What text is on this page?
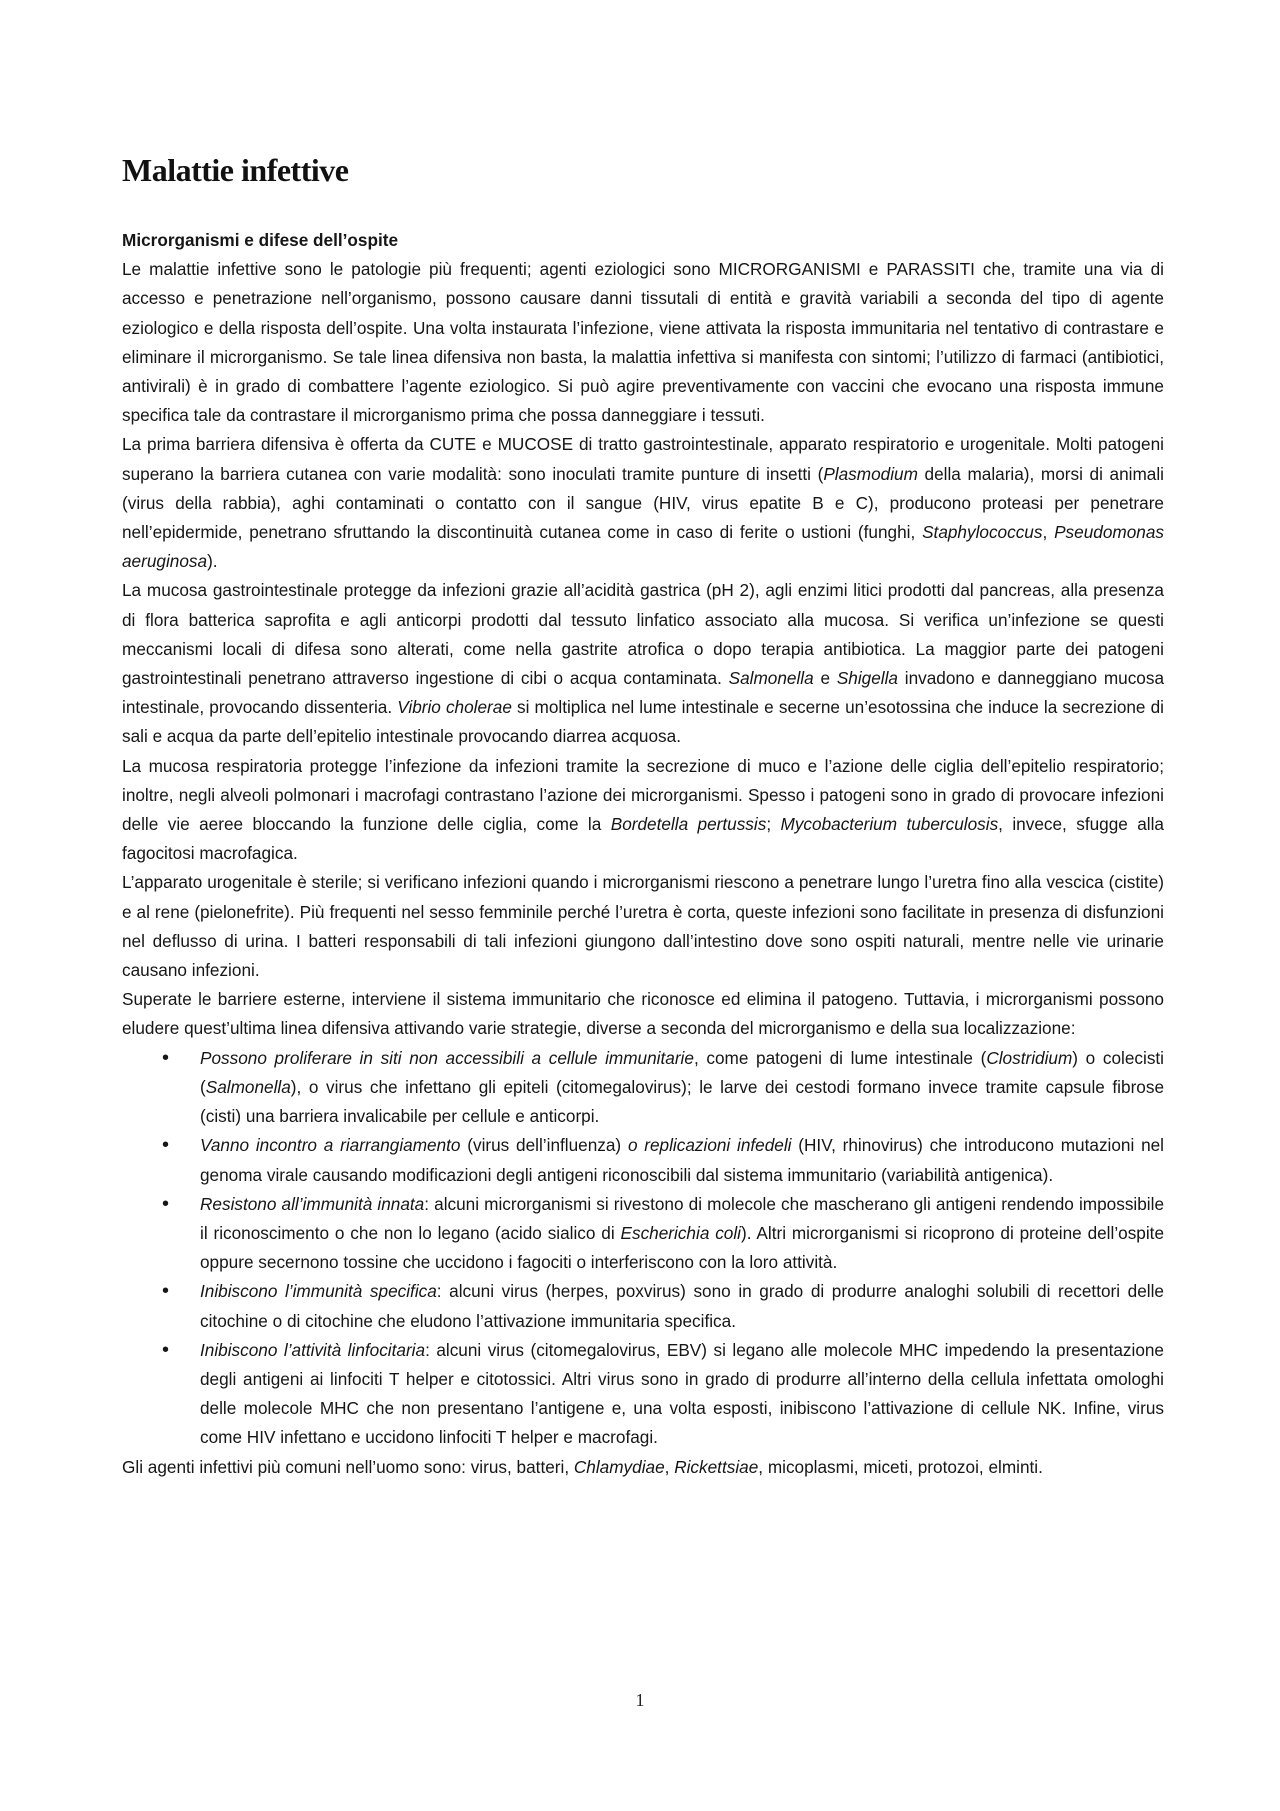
Malattie infettive
Microrganismi e difese dell’ospite

Le malattie infettive sono le patologie più frequenti; agenti eziologici sono MICRORGANISMI e PARASSITI che, tramite una via di accesso e penetrazione nell’organismo, possono causare danni tissutali di entità e gravità variabili a seconda del tipo di agente eziologico e della risposta dell’ospite. Una volta instaurata l’infezione, viene attivata la risposta immunitaria nel tentativo di contrastare e eliminare il microrganismo. Se tale linea difensiva non basta, la malattia infettiva si manifesta con sintomi; l’utilizzo di farmaci (antibiotici, antivirali) è in grado di combattere l’agente eziologico. Si può agire preventivamente con vaccini che evocano una risposta immune specifica tale da contrastare il microrganismo prima che possa danneggiare i tessuti.

La prima barriera difensiva è offerta da CUTE e MUCOSE di tratto gastrointestinale, apparato respiratorio e urogenitale. Molti patogeni superano la barriera cutanea con varie modalità: sono inoculati tramite punture di insetti (Plasmodium della malaria), morsi di animali (virus della rabbia), aghi contaminati o contatto con il sangue (HIV, virus epatite B e C), producono proteasi per penetrare nell’epidermide, penetrano sfruttando la discontinuità cutanea come in caso di ferite o ustioni (funghi, Staphylococcus, Pseudomonas aeruginosa).

La mucosa gastrointestinale protegge da infezioni grazie all’acidità gastrica (pH 2), agli enzimi litici prodotti dal pancreas, alla presenza di flora batterica saprofita e agli anticorpi prodotti dal tessuto linfatico associato alla mucosa. Si verifica un’infezione se questi meccanismi locali di difesa sono alterati, come nella gastrite atrofica o dopo terapia antibiotica. La maggior parte dei patogeni gastrointestinali penetrano attraverso ingestione di cibi o acqua contaminata. Salmonella e Shigella invadono e danneggiano mucosa intestinale, provocando dissenteria. Vibrio cholerae si moltiplica nel lume intestinale e secerne un’esotossina che induce la secrezione di sali e acqua da parte dell’epitelio intestinale provocando diarrea acquosa.

La mucosa respiratoria protegge l’infezione da infezioni tramite la secrezione di muco e l’azione delle ciglia dell’epitelio respiratorio; inoltre, negli alveoli polmonari i macrofagi contrastano l’azione dei microrganismi. Spesso i patogeni sono in grado di provocare infezioni delle vie aeree bloccando la funzione delle ciglia, come la Bordetella pertussis; Mycobacterium tuberculosis, invece, sfugge alla fagocitosi macrofagica.

L’apparato urogenitale è sterile; si verificano infezioni quando i microrganismi riescono a penetrare lungo l’uretra fino alla vescica (cistite) e al rene (pielonefrite). Più frequenti nel sesso femminile perché l’uretra è corta, queste infezioni sono facilitate in presenza di disfunzioni nel deflusso di urina. I batteri responsabili di tali infezioni giungono dall’intestino dove sono ospiti naturali, mentre nelle vie urinarie causano infezioni.

Superate le barriere esterne, interviene il sistema immunitario che riconosce ed elimina il patogeno. Tuttavia, i microrganismi possono eludere quest’ultima linea difensiva attivando varie strategie, diverse a seconda del microrganismo e della sua localizzazione:

• Possono proliferare in siti non accessibili a cellule immunitarie, come patogeni di lume intestinale (Clostridium) o colecisti (Salmonella), o virus che infettano gli epiteli (citomegalovirus); le larve dei cestodi formano invece tramite capsule fibrose (cisti) una barriera invalicabile per cellule e anticorpi.
• Vanno incontro a riarrangiamento (virus dell’influenza) o replicazioni infedeli (HIV, rhinovirus) che introducono mutazioni nel genoma virale causando modificazioni degli antigeni riconoscibili dal sistema immunitario (variabilità antigenica).
• Resistono all’immunità innata: alcuni microrganismi si rivestono di molecole che mascherano gli antigeni rendendo impossibile il riconoscimento o che non lo legano (acido sialico di Escherichia coli). Altri microrganismi si ricoprono di proteine dell’ospite oppure secernono tossine che uccidono i fagociti o interferiscono con la loro attività.
• Inibiscono l’immunità specifica: alcuni virus (herpes, poxvirus) sono in grado di produrre analoghi solubili di recettori delle citochine o di citochine che eludono l’attivazione immunitaria specifica.
• Inibiscono l’attività linfocitaria: alcuni virus (citomegalovirus, EBV) si legano alle molecole MHC impedendo la presentazione degli antigeni ai linfociti T helper e citotossici. Altri virus sono in grado di produrre all’interno della cellula infettata omologhi delle molecole MHC che non presentano l’antigene e, una volta esposti, inibiscono l’attivazione di cellule NK. Infine, virus come HIV infettano e uccidono linfociti T helper e macrofagi.

Gli agenti infettivi più comuni nell’uomo sono: virus, batteri, Chlamydiae, Rickettsiae, micoplasmi, miceti, protozoi, elminti.

1
